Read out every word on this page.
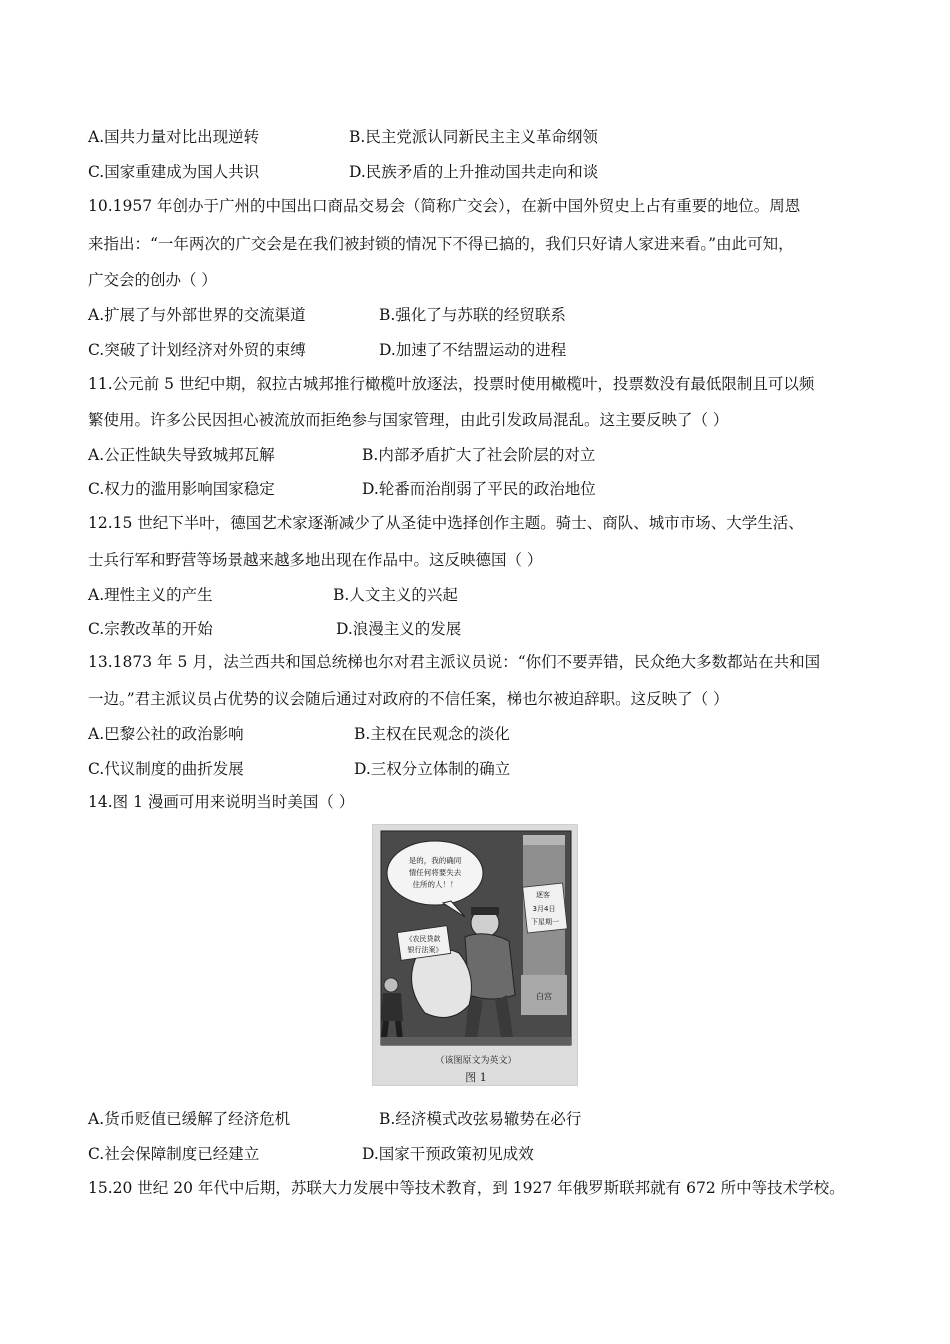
A.国共力量对比出现逆转	B.民主党派认同新民主主义革命纲领
C.国家重建成为国人共识	D.民族矛盾的上升推动国共走向和谈
10.1957 年创办于广州的中国出口商品交易会（简称广交会），在新中国外贸史上占有重要的地位。周恩
来指出：“一年两次的广交会是在我们被封锁的情况下不得已搞的，我们只好请人家进来看。”由此可知，
广交会的创办（ ）
A.扩展了与外部世界的交流渠道	B.强化了与苏联的经贸联系
C.突破了计划经济对外贸的束缚	D.加速了不结盟运动的进程
11.公元前 5 世纪中期，叙拉古城邦推行橄榄叶放逐法，投票时使用橄榄叶，投票数没有最低限制且可以频
繁使用。许多公民因担心被流放而拒绝参与国家管理，由此引发政局混乱。这主要反映了（ ）
A.公正性缺失导致城邦瓦解	B.内部矛盾扩大了社会阶层的对立
C.权力的滥用影响国家稳定	D.轮番而治削弱了平民的政治地位
12.15 世纪下半叶，德国艺术家逐渐减少了从圣徒中选择创作主题。骑士、商队、城市市场、大学生活、
士兵行军和野营等场景越来越多地出现在作品中。这反映德国（ ）
A.理性主义的产生	B.人文主义的兴起
C.宗教改革的开始	D.浪漫主义的发展
13.1873 年 5 月，法兰西共和国总统梯也尔对君主派议员说：“你们不要弄错，民众绝大多数都站在共和国
一边。”君主派议员占优势的议会随后通过对政府的不信任案，梯也尔被迫辞职。这反映了（ ）
A.巴黎公社的政治影响	B.主权在民观念的淡化
C.代议制度的曲折发展	D.三权分立体制的确立
14.图 1 漫画可用来说明当时美国（ ）
白宫
逐客
3月4日
下星期一
是的，我的确同
情任何将要失去
住所的人！！
《农民贷款
银行法案》
（该图原文为英文）
图 1
A.货币贬值已缓解了经济危机	B.经济模式改弦易辙势在必行
C.社会保障制度已经建立	D.国家干预政策初见成效
15.20 世纪 20 年代中后期，苏联大力发展中等技术教育，到 1927 年俄罗斯联邦就有 672 所中等技术学校。
